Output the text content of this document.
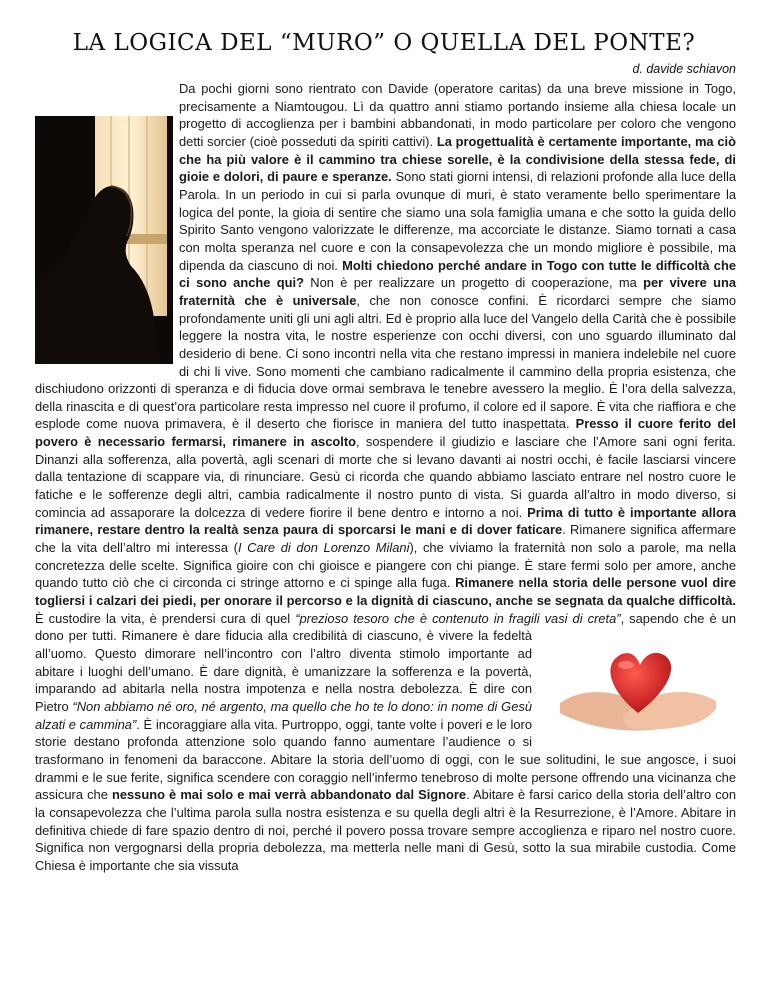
LA LOGICA DEL “MURO” O QUELLA DEL PONTE?

d. davide schiavon

Da pochi giorni sono rientrato con Davide (operatore caritas) da una breve missione in Togo, precisamente a Niamtougou. Lì da quattro anni stiamo portando insieme alla chiesa locale un progetto di accoglienza per i bambini abbandonati, in modo particolare per coloro che vengono detti sorcier (cioè posseduti da spiriti cattivi). La progettualità è certamente importante, ma ciò che ha più valore è il cammino tra chiese sorelle, è la condivisione della stessa fede, di gioie e dolori, di paure e speranze. Sono stati giorni intensi, di relazioni profonde alla luce della Parola. In un periodo in cui si parla ovunque di muri, è stato veramente bello sperimentare la logica del ponte, la gioia di sentire che siamo una sola famiglia umana e che sotto la guida dello Spirito Santo vengono valorizzate le differenze, ma accorciate le distanze. Siamo tornati a casa con molta speranza nel cuore e con la consapevolezza che un mondo migliore è possibile, ma dipenda da ciascuno di noi. Molti chiedono perché andare in Togo con tutte le difficoltà che ci sono anche qui? Non è per realizzare un progetto di cooperazione, ma per vivere una fraternità che è universale, che non conosce confini. È ricordarci sempre che siamo profondamente uniti gli uni agli altri. Ed è proprio alla luce del Vangelo della Carità che è possibile leggere la nostra vita, le nostre esperienze con occhi diversi, con uno sguardo illuminato dal desiderio di bene. Ci sono incontri nella vita che restano impressi in maniera indelebile nel cuore di chi li vive. Sono momenti che cambiano radicalmente il cammino della propria esistenza, che dischiudono orizzonti di speranza e di fiducia dove ormai sembrava le tenebre avessero la meglio. È l’ora della salvezza, della rinascita e di quest’ora particolare resta impresso nel cuore il profumo, il colore ed il sapore. È vita che riaffiora e che esplode come nuova primavera, è il deserto che fiorisce in maniera del tutto inaspettata. Presso il cuore ferito del povero è necessario fermarsi, rimanere in ascolto, sospendere il giudizio e lasciare che l’Amore sani ogni ferita. Dinanzi alla sofferenza, alla povertà, agli scenari di morte che si levano davanti ai nostri occhi, è facile lasciarsi vincere dalla tentazione di scappare via, di rinunciare. Gesù ci ricorda che quando abbiamo lasciato entrare nel nostro cuore le fatiche e le sofferenze degli altri, cambia radicalmente il nostro punto di vista. Si guarda all’altro in modo diverso, si comincia ad assaporare la dolcezza di vedere fiorire il bene dentro e intorno a noi. Prima di tutto è importante allora rimanere, restare dentro la realtà senza paura di sporcarsi le mani e di dover faticare. Rimanere significa affermare che la vita dell’altro mi interessa (I Care di don Lorenzo Milani), che viviamo la fraternità non solo a parole, ma nella concretezza delle scelte. Significa gioire con chi gioisce e piangere con chi piange. È stare fermi solo per amore, anche quando tutto ciò che ci circonda ci stringe attorno e ci spinge alla fuga. Rimanere nella storia delle persone vuol dire togliersi i calzari dei piedi, per onorare il percorso e la dignità di ciascuno, anche se segnata da qualche difficoltà. È custodire la vita, è prendersi cura di quel “prezioso tesoro che è contenuto in fragili vasi di creta”
, sapendo che è un dono per tutti. Rimanere è dare fiducia alla credibilità di ciascuno, è vivere la fedeltà all’uomo. Questo dimorare nell’incontro con l’altro diventa stimolo importante ad abitare i luoghi dell’umano. È dare dignità, è umanizzare la sofferenza e la povertà, imparando ad abitarla nella nostra impotenza e nella nostra debolezza. È dire con Pietro “Non abbiamo né oro, né argento, ma quello che ho te lo dono: in nome di Gesù alzati e cammina”. È incoraggiare alla vita. Purtroppo, oggi, tante volte i poveri e le loro storie destano profonda attenzione solo quando fanno aumentare l’audience o si trasformano in fenomeni da baraccone. Abitare la storia dell’uomo di oggi, con le sue solitudini, le sue angosce, i suoi drammi e le sue ferite, significa scendere con coraggio nell’infermo tenebroso di molte persone offrendo una vicinanza che assicura che nessuno è mai solo e mai verrà abbandonato dal Signore. Abitare è farsi carico della storia dell’altro con la consapevolezza che l’ultima parola sulla nostra esistenza e su quella degli altri è la Resurrezione, è l’Amore. Abitare in definitiva chiede di fare spazio dentro di noi, perché il povero possa trovare sempre accoglienza e riparo nel nostro cuore. Significa non vergognarsi della propria debolezza, ma metterla nelle mani di Gesù, sotto la sua mirabile custodia. Come Chiesa è importante che sia vissuta
